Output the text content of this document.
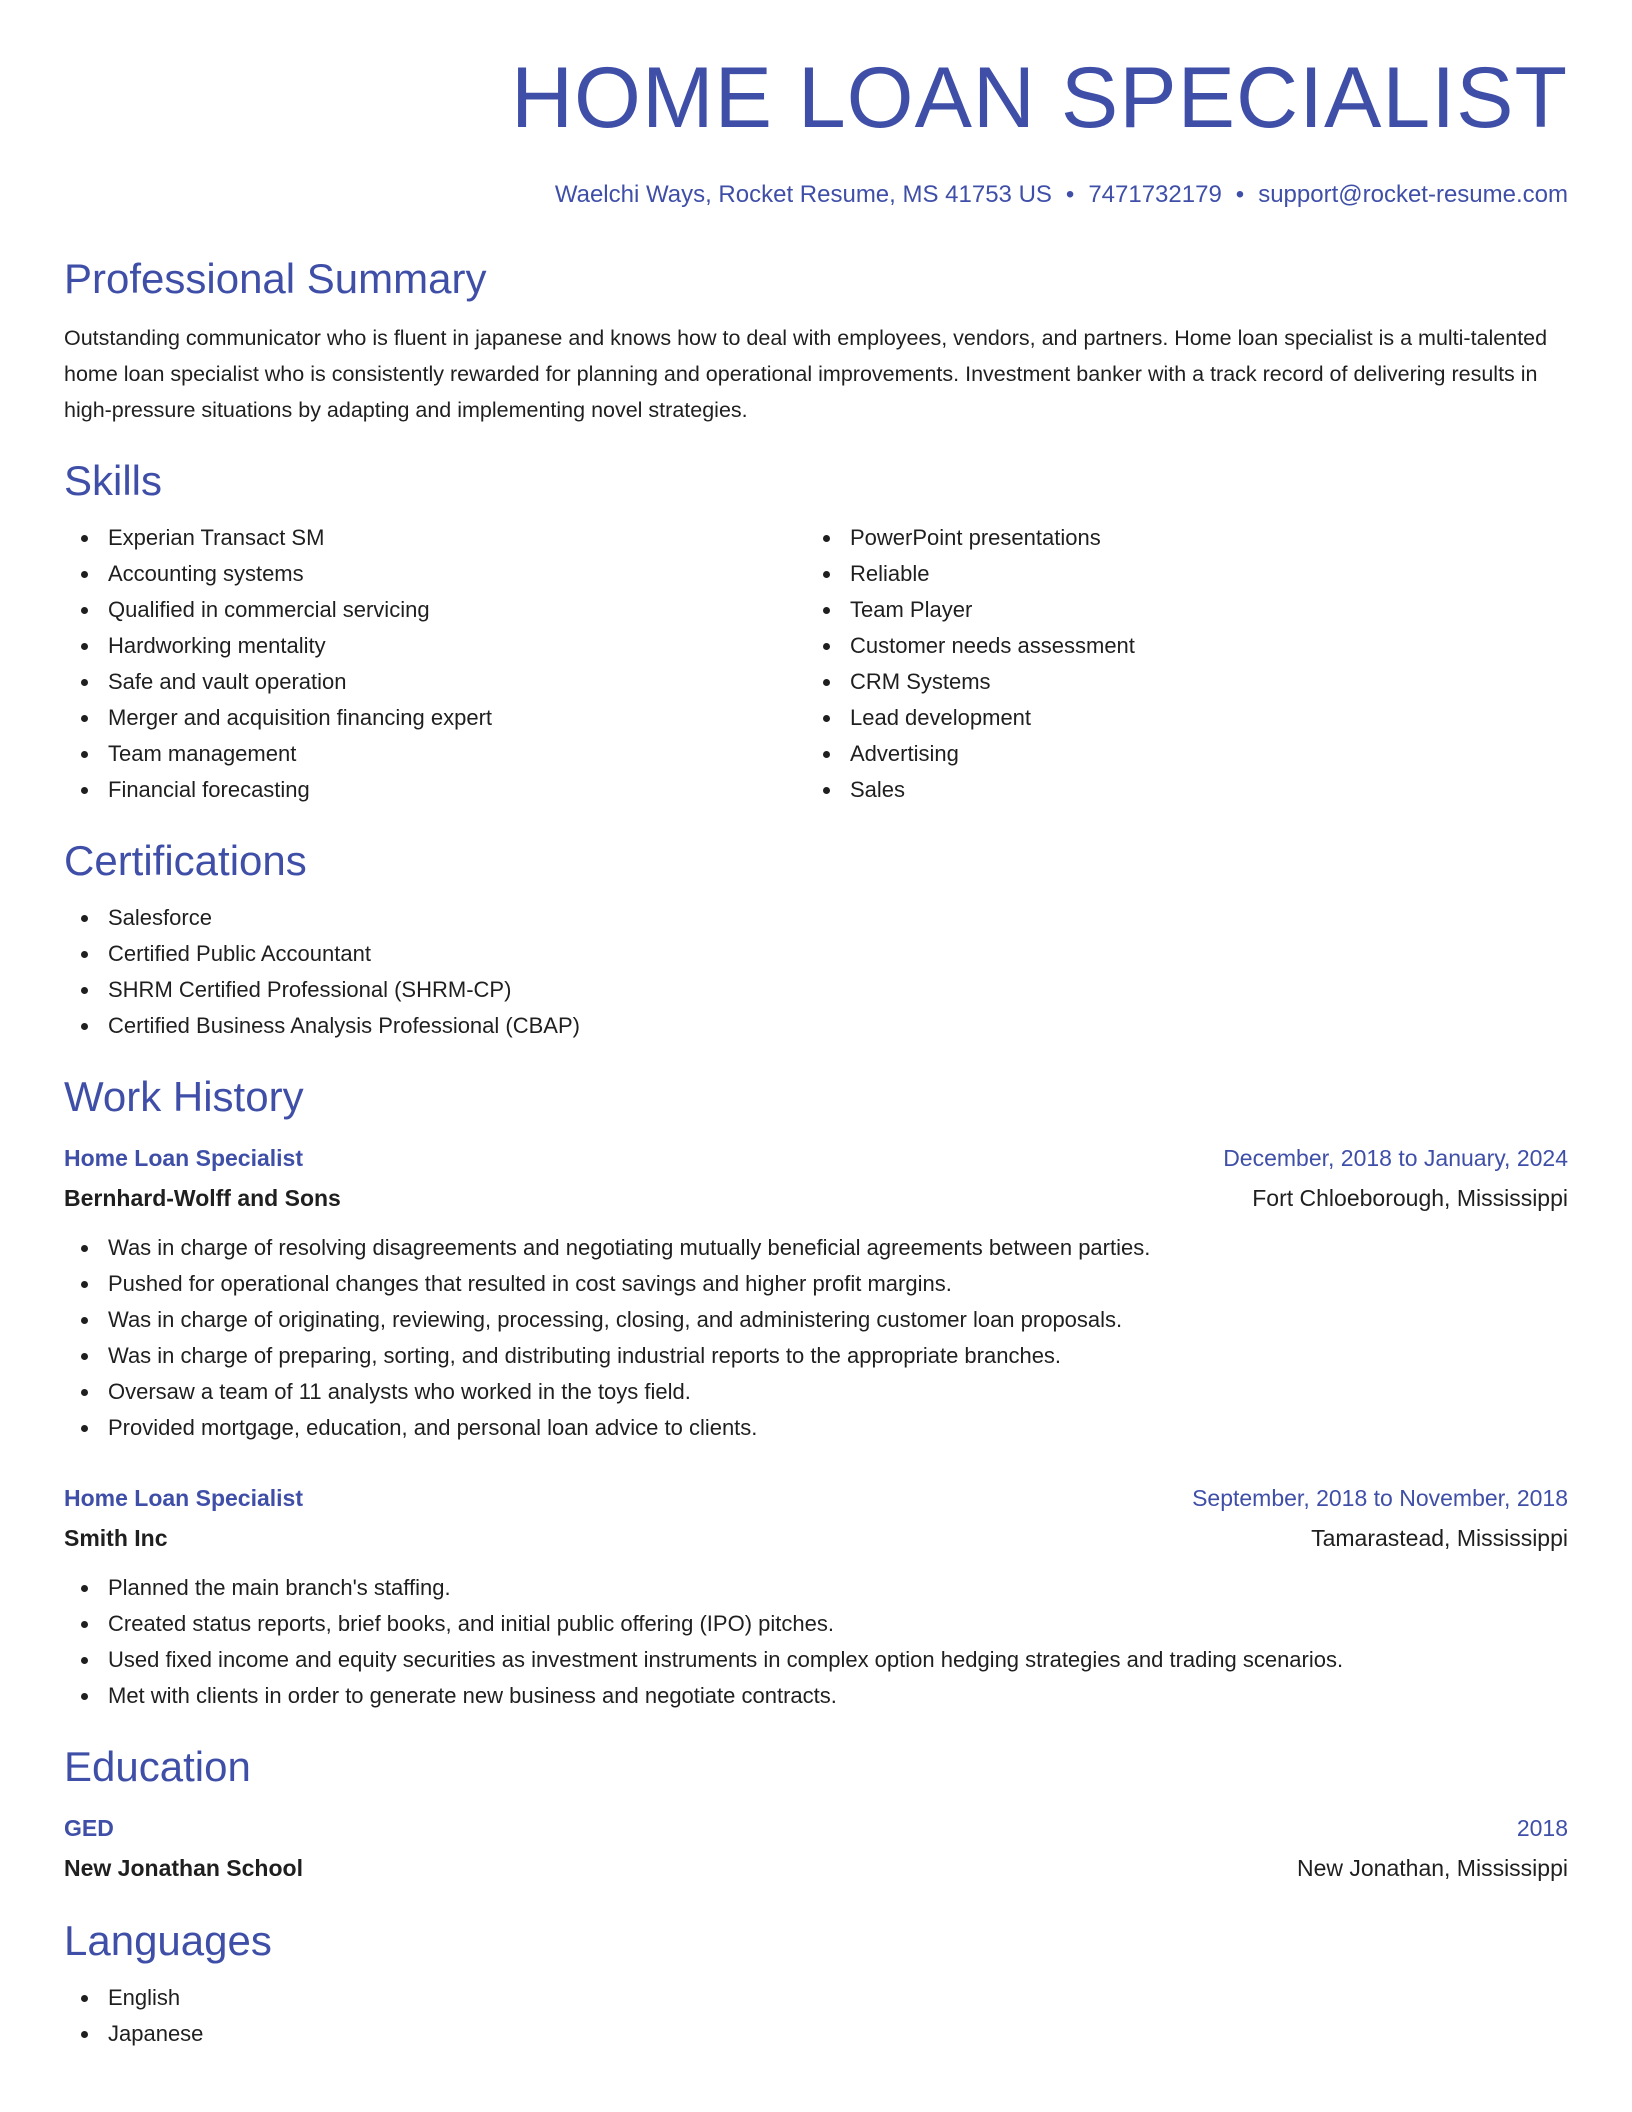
HOME LOAN SPECIALIST
Waelchi Ways, Rocket Resume, MS 41753 US • 7471732179 • support@rocket-resume.com
Professional Summary

Outstanding communicator who is fluent in japanese and knows how to deal with employees, vendors, and partners. Home loan specialist is a multi-talented home loan specialist who is consistently rewarded for planning and operational improvements. Investment banker with a track record of delivering results in high-pressure situations by adapting and implementing novel strategies.

Skills
Experian Transact SM
Accounting systems
Qualified in commercial servicing
Hardworking mentality
Safe and vault operation
Merger and acquisition financing expert
Team management
Financial forecasting
PowerPoint presentations
Reliable
Team Player
Customer needs assessment
CRM Systems
Lead development
Advertising
Sales
Certifications
Salesforce
Certified Public Accountant
SHRM Certified Professional (SHRM-CP)
Certified Business Analysis Professional (CBAP)
Work History
Home Loan Specialist	December, 2018 to January, 2024
Bernhard-Wolff and Sons	Fort Chloeborough, Mississippi
Was in charge of resolving disagreements and negotiating mutually beneficial agreements between parties.
Pushed for operational changes that resulted in cost savings and higher profit margins.
Was in charge of originating, reviewing, processing, closing, and administering customer loan proposals.
Was in charge of preparing, sorting, and distributing industrial reports to the appropriate branches.
Oversaw a team of 11 analysts who worked in the toys field.
Provided mortgage, education, and personal loan advice to clients.
Home Loan Specialist	September, 2018 to November, 2018
Smith Inc	Tamarastead, Mississippi
Planned the main branch's staffing.
Created status reports, brief books, and initial public offering (IPO) pitches.
Used fixed income and equity securities as investment instruments in complex option hedging strategies and trading scenarios.
Met with clients in order to generate new business and negotiate contracts.
Education
GED	2018
New Jonathan School	New Jonathan, Mississippi
Languages
English
Japanese
